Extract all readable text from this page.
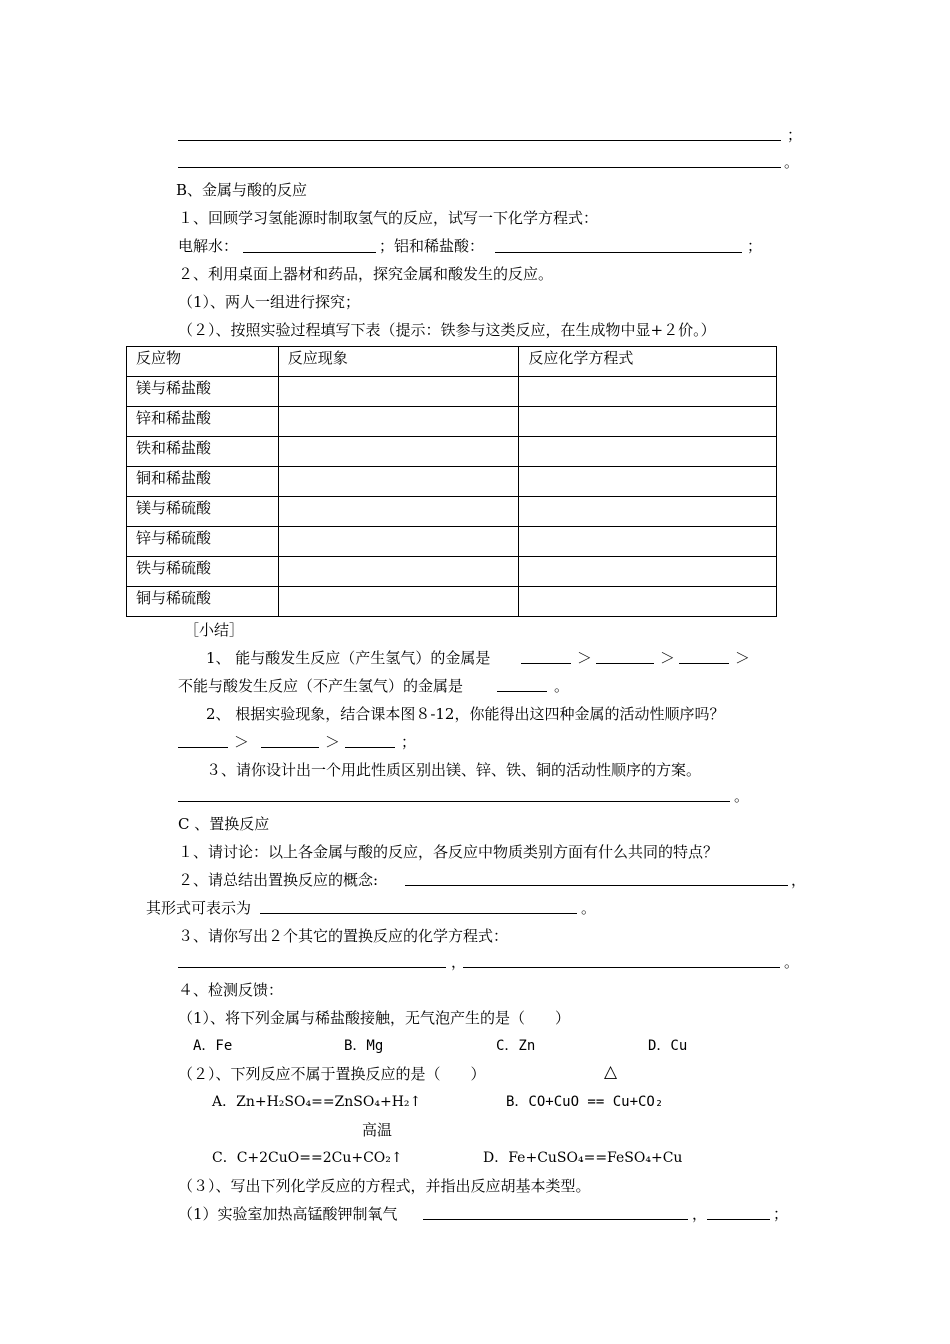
；
。
B、金属与酸的反应
１、回顾学习氢能源时制取氢气的反应，试写一下化学方程式：
电解水：	；铝和稀盐酸：	；
２、利用桌面上器材和药品，探究金属和酸发生的反应。
（1）、两人一组进行探究；
（２）、按照实验过程填写下表（提示：铁参与这类反应，在生成物中显+２价。）
反应物	反应现象	反应化学方程式
镁与稀盐酸		
锌和稀盐酸		
铁和稀盐酸		
铜和稀盐酸		
镁与稀硫酸		
锌与稀硫酸		
铁与稀硫酸		
铜与稀硫酸		
［小结］
1、 能与酸发生反应（产生氢气）的金属是	＞	＞	＞
不能与酸发生反应（不产生氢气）的金属是	。
2、 根据实验现象，结合课本图８-12，你能得出这四种金属的活动性顺序吗？
＞	＞	；
３、请你设计出一个用此性质区别出镁、锌、铁、铜的活动性顺序的方案。
。
C 、置换反应
１、请讨论：以上各金属与酸的反应，各反应中物质类别方面有什么共同的特点？
２、请总结出置换反应的概念:	，
其形式可表示为	。
３、请你写出２个其它的置换反应的化学方程式：
，	。
４、检测反馈：
（1）、将下列金属与稀盐酸接触，无气泡产生的是（　　）
A．Fe	B．Mg	C．Zn	D．Cu
（２）、下列反应不属于置换反应的是（　　）	△
A．Zn+H₂SO₄==ZnSO₄+H₂↑	B．CO+CuO == Cu+CO₂
高温
C．C+2CuO==2Cu+CO₂↑	D．Fe+CuSO₄==FeSO₄+Cu
（３）、写出下列化学反应的方程式，并指出反应胡基本类型。
（1）实验室加热高锰酸钾制氧气	，	；
